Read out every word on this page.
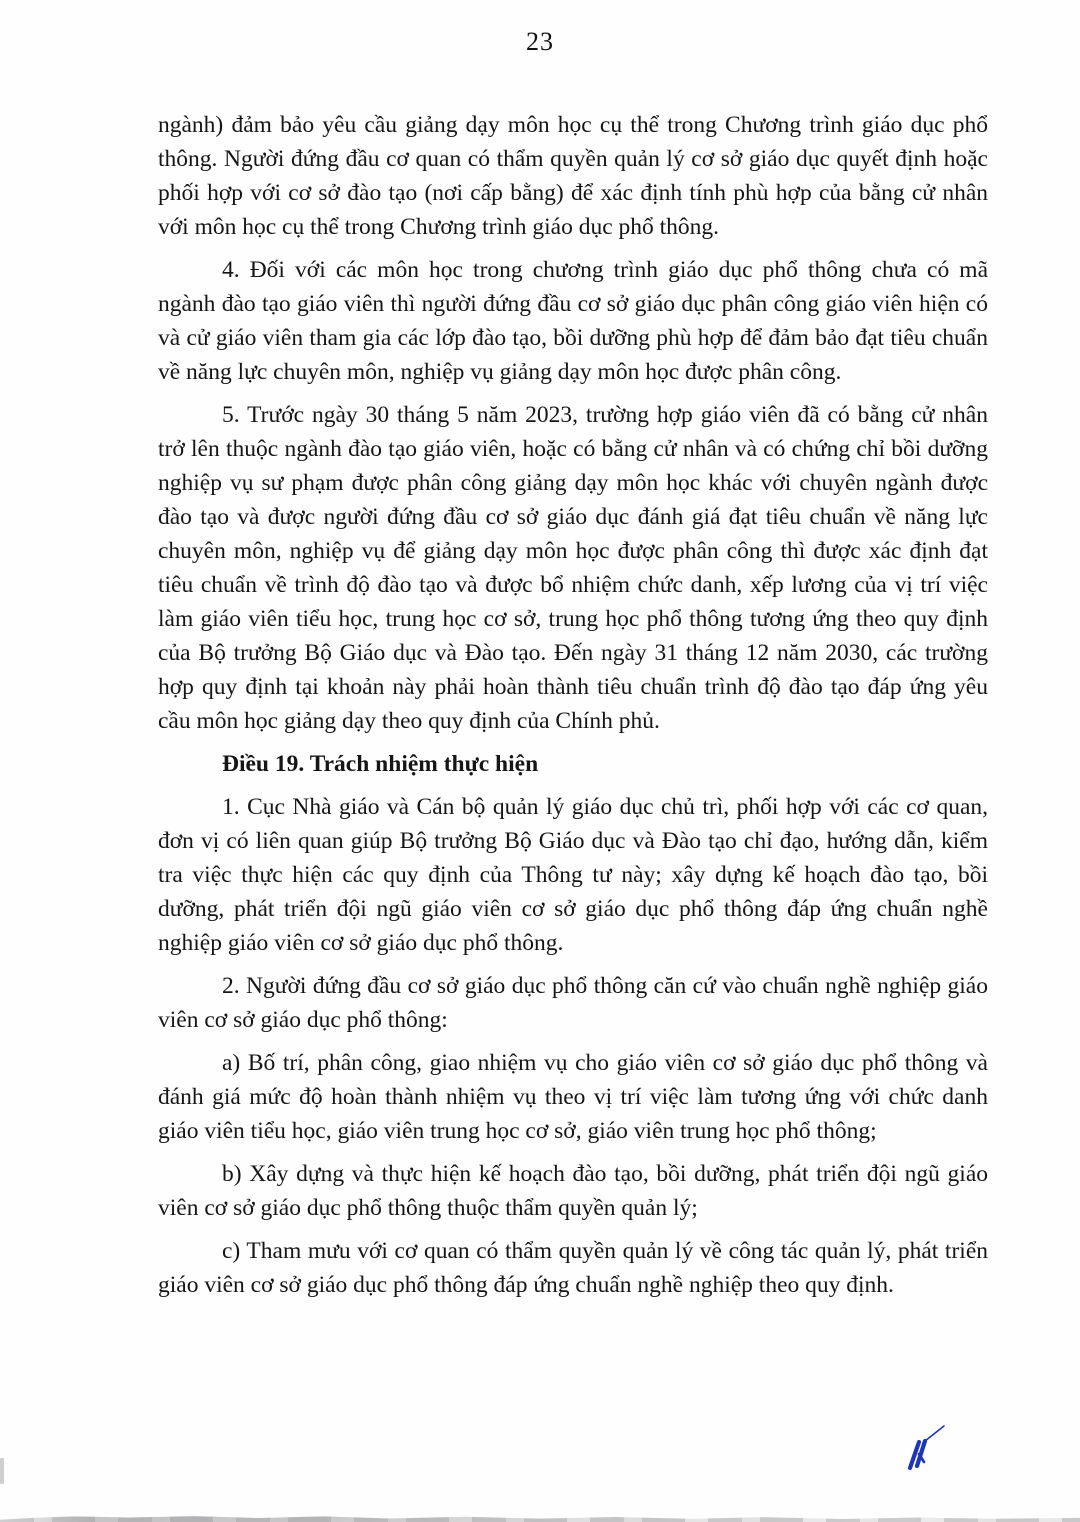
23

ngành) đảm bảo yêu cầu giảng dạy môn học cụ thể trong Chương trình giáo dục phổ thông. Người đứng đầu cơ quan có thẩm quyền quản lý cơ sở giáo dục quyết định hoặc phối hợp với cơ sở đào tạo (nơi cấp bằng) để xác định tính phù hợp của bằng cử nhân với môn học cụ thể trong Chương trình giáo dục phổ thông.

4. Đối với các môn học trong chương trình giáo dục phổ thông chưa có mã ngành đào tạo giáo viên thì người đứng đầu cơ sở giáo dục phân công giáo viên hiện có và cử giáo viên tham gia các lớp đào tạo, bồi dưỡng phù hợp để đảm bảo đạt tiêu chuẩn về năng lực chuyên môn, nghiệp vụ giảng dạy môn học được phân công.

5. Trước ngày 30 tháng 5 năm 2023, trường hợp giáo viên đã có bằng cử nhân trở lên thuộc ngành đào tạo giáo viên, hoặc có bằng cử nhân và có chứng chỉ bồi dưỡng nghiệp vụ sư phạm được phân công giảng dạy môn học khác với chuyên ngành được đào tạo và được người đứng đầu cơ sở giáo dục đánh giá đạt tiêu chuẩn về năng lực chuyên môn, nghiệp vụ để giảng dạy môn học được phân công thì được xác định đạt tiêu chuẩn về trình độ đào tạo và được bổ nhiệm chức danh, xếp lương của vị trí việc làm giáo viên tiểu học, trung học cơ sở, trung học phổ thông tương ứng theo quy định của Bộ trưởng Bộ Giáo dục và Đào tạo. Đến ngày 31 tháng 12 năm 2030, các trường hợp quy định tại khoản này phải hoàn thành tiêu chuẩn trình độ đào tạo đáp ứng yêu cầu môn học giảng dạy theo quy định của Chính phủ.

Điều 19. Trách nhiệm thực hiện

1. Cục Nhà giáo và Cán bộ quản lý giáo dục chủ trì, phối hợp với các cơ quan, đơn vị có liên quan giúp Bộ trưởng Bộ Giáo dục và Đào tạo chỉ đạo, hướng dẫn, kiểm tra việc thực hiện các quy định của Thông tư này; xây dựng kế hoạch đào tạo, bồi dưỡng, phát triển đội ngũ giáo viên cơ sở giáo dục phổ thông đáp ứng chuẩn nghề nghiệp giáo viên cơ sở giáo dục phổ thông.

2. Người đứng đầu cơ sở giáo dục phổ thông căn cứ vào chuẩn nghề nghiệp giáo viên cơ sở giáo dục phổ thông:

a) Bố trí, phân công, giao nhiệm vụ cho giáo viên cơ sở giáo dục phổ thông và đánh giá mức độ hoàn thành nhiệm vụ theo vị trí việc làm tương ứng với chức danh giáo viên tiểu học, giáo viên trung học cơ sở, giáo viên trung học phổ thông;

b) Xây dựng và thực hiện kế hoạch đào tạo, bồi dưỡng, phát triển đội ngũ giáo viên cơ sở giáo dục phổ thông thuộc thẩm quyền quản lý;

c) Tham mưu với cơ quan có thẩm quyền quản lý về công tác quản lý, phát triển giáo viên cơ sở giáo dục phổ thông đáp ứng chuẩn nghề nghiệp theo quy định.
